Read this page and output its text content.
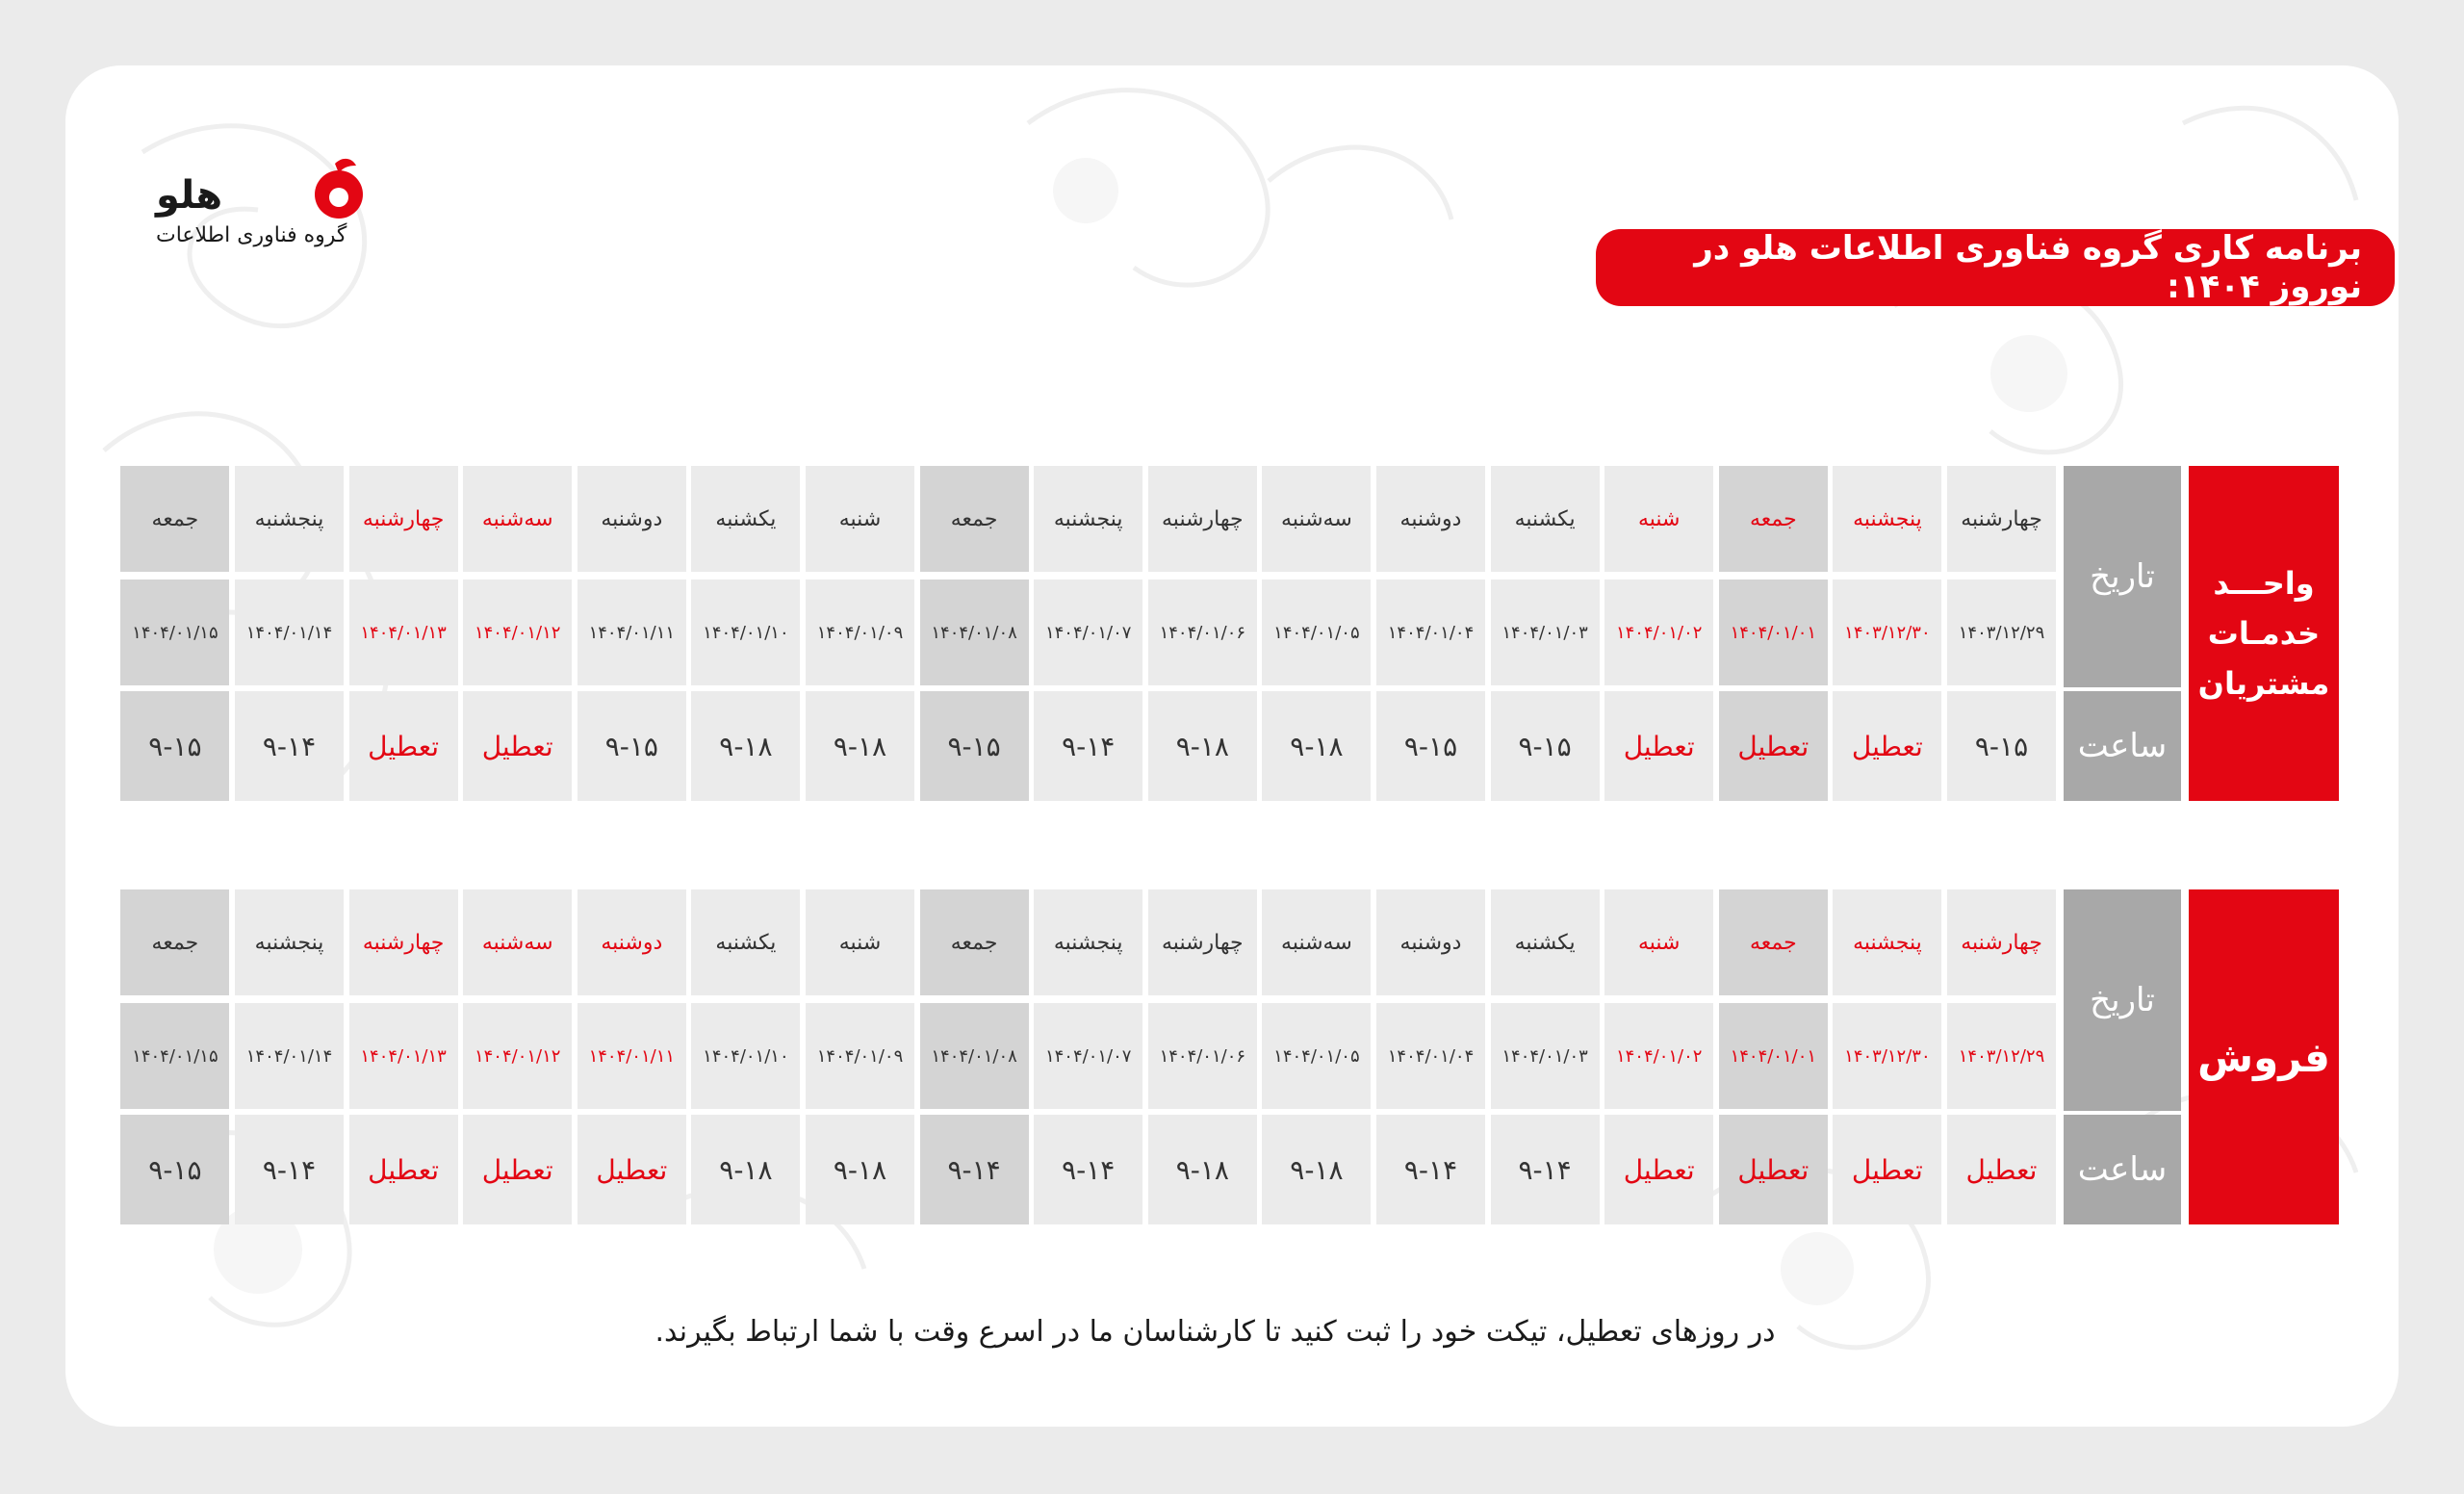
برنامه کاری گروه فناوری اطلاعات هلو در نوروز ۱۴۰۴:
هلو
گروه فناوری اطلاعات
واحـــد
خدمـات
مشتریان
تاریخ
ساعت
چهارشنبه
۱۴۰۳/۱۲/۲۹
۹-۱۵
پنجشنبه
۱۴۰۳/۱۲/۳۰
تعطیل
جمعه
۱۴۰۴/۰۱/۰۱
تعطیل
شنبه
۱۴۰۴/۰۱/۰۲
تعطیل
یکشنبه
۱۴۰۴/۰۱/۰۳
۹-۱۵
دوشنبه
۱۴۰۴/۰۱/۰۴
۹-۱۵
سه‌شنبه
۱۴۰۴/۰۱/۰۵
۹-۱۸
چهارشنبه
۱۴۰۴/۰۱/۰۶
۹-۱۸
پنجشنبه
۱۴۰۴/۰۱/۰۷
۹-۱۴
جمعه
۱۴۰۴/۰۱/۰۸
۹-۱۵
شنبه
۱۴۰۴/۰۱/۰۹
۹-۱۸
یکشنبه
۱۴۰۴/۰۱/۱۰
۹-۱۸
دوشنبه
۱۴۰۴/۰۱/۱۱
۹-۱۵
سه‌شنبه
۱۴۰۴/۰۱/۱۲
تعطیل
چهارشنبه
۱۴۰۴/۰۱/۱۳
تعطیل
پنجشنبه
۱۴۰۴/۰۱/۱۴
۹-۱۴
جمعه
۱۴۰۴/۰۱/۱۵
۹-۱۵
فروش
تاریخ
ساعت
چهارشنبه
۱۴۰۳/۱۲/۲۹
تعطیل
پنجشنبه
۱۴۰۳/۱۲/۳۰
تعطیل
جمعه
۱۴۰۴/۰۱/۰۱
تعطیل
شنبه
۱۴۰۴/۰۱/۰۲
تعطیل
یکشنبه
۱۴۰۴/۰۱/۰۳
۹-۱۴
دوشنبه
۱۴۰۴/۰۱/۰۴
۹-۱۴
سه‌شنبه
۱۴۰۴/۰۱/۰۵
۹-۱۸
چهارشنبه
۱۴۰۴/۰۱/۰۶
۹-۱۸
پنجشنبه
۱۴۰۴/۰۱/۰۷
۹-۱۴
جمعه
۱۴۰۴/۰۱/۰۸
۹-۱۴
شنبه
۱۴۰۴/۰۱/۰۹
۹-۱۸
یکشنبه
۱۴۰۴/۰۱/۱۰
۹-۱۸
دوشنبه
۱۴۰۴/۰۱/۱۱
تعطیل
سه‌شنبه
۱۴۰۴/۰۱/۱۲
تعطیل
چهارشنبه
۱۴۰۴/۰۱/۱۳
تعطیل
پنجشنبه
۱۴۰۴/۰۱/۱۴
۹-۱۴
جمعه
۱۴۰۴/۰۱/۱۵
۹-۱۵
در روزهای تعطیل، تیکت خود را ثبت کنید تا کارشناسان ما در اسرع وقت با شما ارتباط بگیرند.
